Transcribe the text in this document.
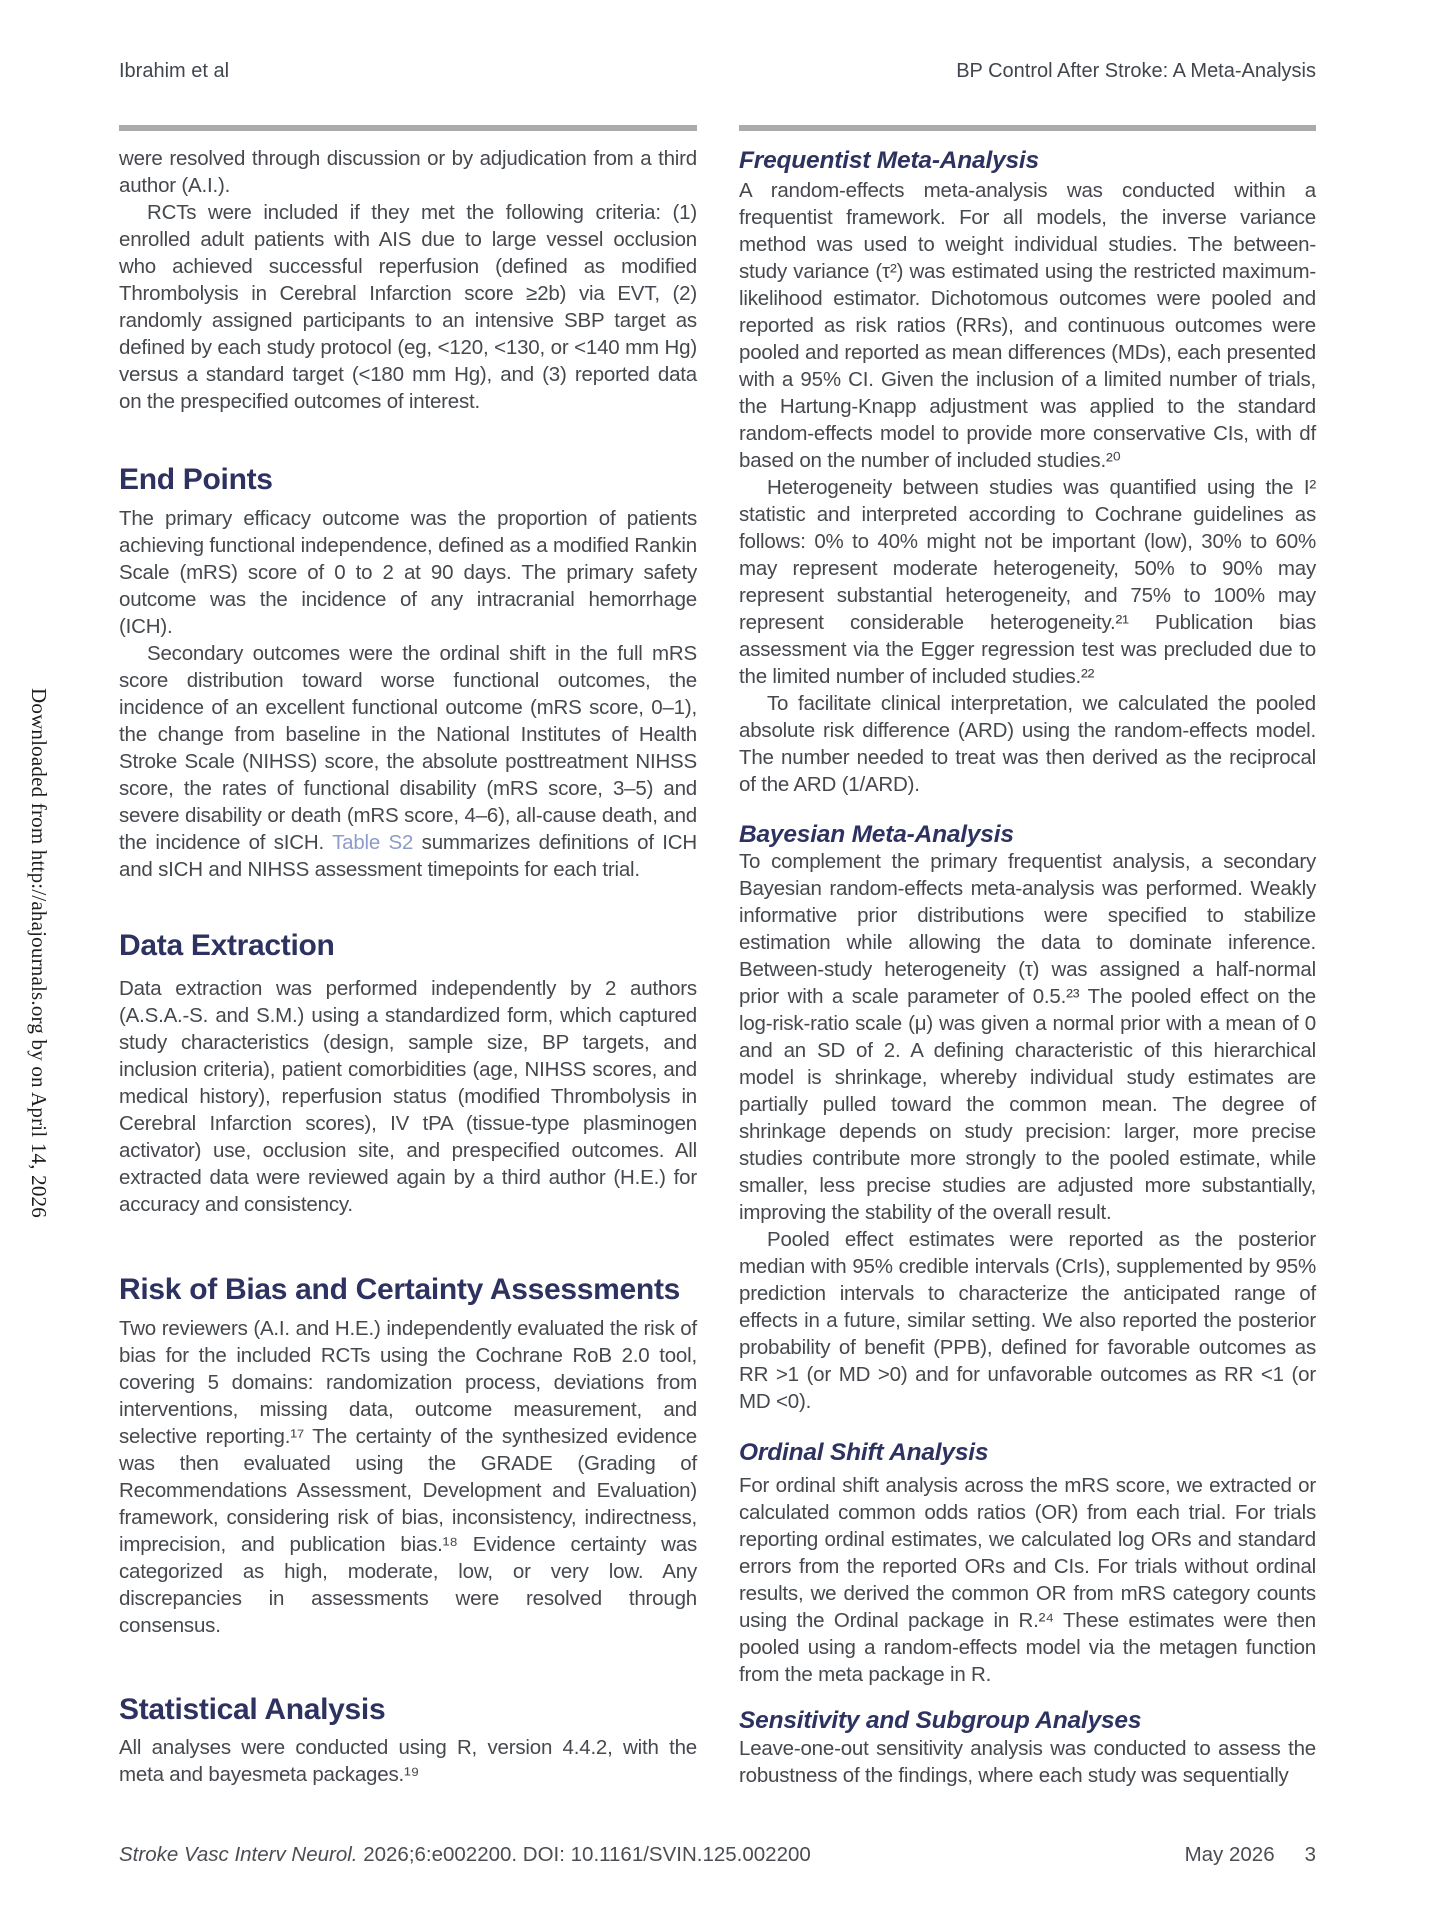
Ibrahim et al	BP Control After Stroke: A Meta-Analysis
Downloaded from http://ahajournals.org by on April 14, 2026

were resolved through discussion or by adjudication from a third author (A.I.).

RCTs were included if they met the following criteria: (1) enrolled adult patients with AIS due to large vessel occlusion who achieved successful reperfusion (defined as modified Thrombolysis in Cerebral Infarction score ≥2b) via EVT, (2) randomly assigned participants to an intensive SBP target as defined by each study protocol (eg, <120, <130, or <140 mm Hg) versus a standard target (<180 mm Hg), and (3) reported data on the prespecified outcomes of interest.

End Points

The primary efficacy outcome was the proportion of patients achieving functional independence, defined as a modified Rankin Scale (mRS) score of 0 to 2 at 90 days. The primary safety outcome was the incidence of any intracranial hemorrhage (ICH).

Secondary outcomes were the ordinal shift in the full mRS score distribution toward worse functional outcomes, the incidence of an excellent functional outcome (mRS score, 0–1), the change from baseline in the National Institutes of Health Stroke Scale (NIHSS) score, the absolute posttreatment NIHSS score, the rates of functional disability (mRS score, 3–5) and severe disability or death (mRS score, 4–6), all-cause death, and the incidence of sICH. Table S2 summarizes definitions of ICH and sICH and NIHSS assessment timepoints for each trial.

Data Extraction

Data extraction was performed independently by 2 authors (A.S.A.-S. and S.M.) using a standardized form, which captured study characteristics (design, sample size, BP targets, and inclusion criteria), patient comorbidities (age, NIHSS scores, and medical history), reperfusion status (modified Thrombolysis in Cerebral Infarction scores), IV tPA (tissue-type plasminogen activator) use, occlusion site, and prespecified outcomes. All extracted data were reviewed again by a third author (H.E.) for accuracy and consistency.

Risk of Bias and Certainty Assessments

Two reviewers (A.I. and H.E.) independently evaluated the risk of bias for the included RCTs using the Cochrane RoB 2.0 tool, covering 5 domains: randomization process, deviations from interventions, missing data, outcome measurement, and selective reporting.¹⁷ The certainty of the synthesized evidence was then evaluated using the GRADE (Grading of Recommendations Assessment, Development and Evaluation) framework, considering risk of bias, inconsistency, indirectness, imprecision, and publication bias.¹⁸ Evidence certainty was categorized as high, moderate, low, or very low. Any discrepancies in assessments were resolved through consensus.

Statistical Analysis

All analyses were conducted using R, version 4.4.2, with the meta and bayesmeta packages.¹⁹

Frequentist Meta-Analysis

A random-effects meta-analysis was conducted within a frequentist framework. For all models, the inverse variance method was used to weight individual studies. The between-study variance (τ²) was estimated using the restricted maximum-likelihood estimator. Dichotomous outcomes were pooled and reported as risk ratios (RRs), and continuous outcomes were pooled and reported as mean differences (MDs), each presented with a 95% CI. Given the inclusion of a limited number of trials, the Hartung-Knapp adjustment was applied to the standard random-effects model to provide more conservative CIs, with df based on the number of included studies.²⁰

Heterogeneity between studies was quantified using the I² statistic and interpreted according to Cochrane guidelines as follows: 0% to 40% might not be important (low), 30% to 60% may represent moderate heterogeneity, 50% to 90% may represent substantial heterogeneity, and 75% to 100% may represent considerable heterogeneity.²¹ Publication bias assessment via the Egger regression test was precluded due to the limited number of included studies.²²

To facilitate clinical interpretation, we calculated the pooled absolute risk difference (ARD) using the random-effects model. The number needed to treat was then derived as the reciprocal of the ARD (1/ARD).

Bayesian Meta-Analysis

To complement the primary frequentist analysis, a secondary Bayesian random-effects meta-analysis was performed. Weakly informative prior distributions were specified to stabilize estimation while allowing the data to dominate inference. Between-study heterogeneity (τ) was assigned a half-normal prior with a scale parameter of 0.5.²³ The pooled effect on the log-risk-ratio scale (μ) was given a normal prior with a mean of 0 and an SD of 2. A defining characteristic of this hierarchical model is shrinkage, whereby individual study estimates are partially pulled toward the common mean. The degree of shrinkage depends on study precision: larger, more precise studies contribute more strongly to the pooled estimate, while smaller, less precise studies are adjusted more substantially, improving the stability of the overall result.

Pooled effect estimates were reported as the posterior median with 95% credible intervals (CrIs), supplemented by 95% prediction intervals to characterize the anticipated range of effects in a future, similar setting. We also reported the posterior probability of benefit (PPB), defined for favorable outcomes as RR >1 (or MD >0) and for unfavorable outcomes as RR <1 (or MD <0).

Ordinal Shift Analysis

For ordinal shift analysis across the mRS score, we extracted or calculated common odds ratios (OR) from each trial. For trials reporting ordinal estimates, we calculated log ORs and standard errors from the reported ORs and CIs. For trials without ordinal results, we derived the common OR from mRS category counts using the Ordinal package in R.²⁴ These estimates were then pooled using a random-effects model via the metagen function from the meta package in R.

Sensitivity and Subgroup Analyses

Leave-one-out sensitivity analysis was conducted to assess the robustness of the findings, where each study was sequentially

Stroke Vasc Interv Neurol. 2026;6:e002200. DOI: 10.1161/SVIN.125.002200	May 2026 3
